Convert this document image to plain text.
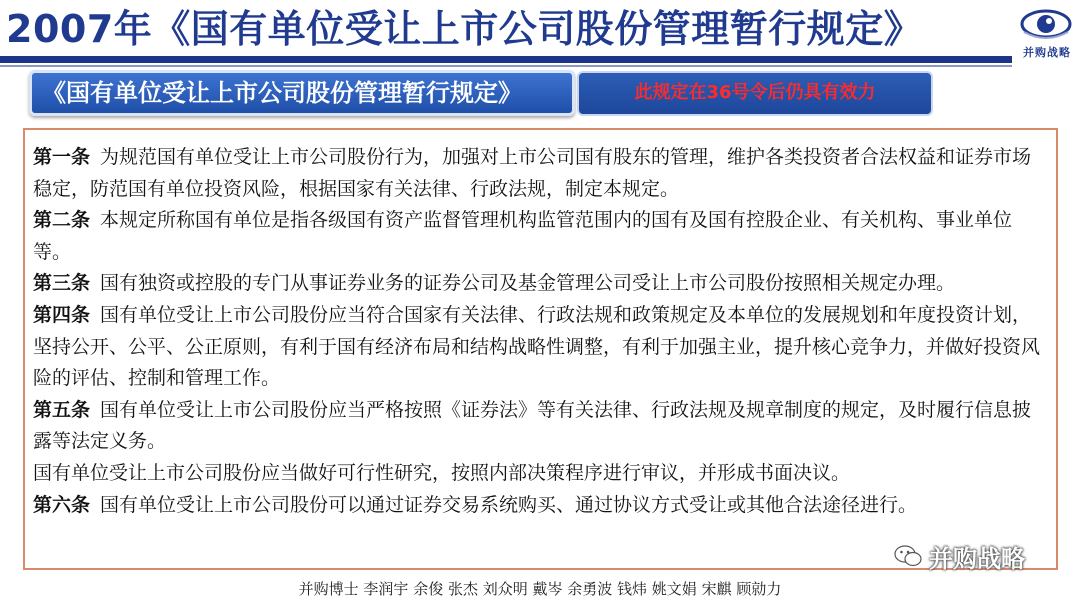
2007年《国有单位受让上市公司股份管理暂行规定》
并购战略
《国有单位受让上市公司股份管理暂行规定》	此规定在36号令后仍具有效力

第一条 为规范国有单位受让上市公司股份行为，加强对上市公司国有股东的管理，维护各类投资者合法权益和证券市场稳定，防范国有单位投资风险，根据国家有关法律、行政法规，制定本规定。

第二条 本规定所称国有单位是指各级国有资产监督管理机构监管范围内的国有及国有控股企业、有关机构、事业单位等。

第三条 国有独资或控股的专门从事证券业务的证券公司及基金管理公司受让上市公司股份按照相关规定办理。

第四条 国有单位受让上市公司股份应当符合国家有关法律、行政法规和政策规定及本单位的发展规划和年度投资计划，坚持公开、公平、公正原则，有利于国有经济布局和结构战略性调整，有利于加强主业，提升核心竞争力，并做好投资风险的评估、控制和管理工作。

第五条 国有单位受让上市公司股份应当严格按照《证券法》等有关法律、行政法规及规章制度的规定，及时履行信息披露等法定义务。

国有单位受让上市公司股份应当做好可行性研究，按照内部决策程序进行审议，并形成书面决议。

第六条 国有单位受让上市公司股份可以通过证券交易系统购买、通过协议方式受让或其他合法途径进行。

并购战略
并购博士 李润宇 余俊 张杰 刘众明 戴岑 余勇波 钱炜 姚文娟 宋麒 顾勍力
